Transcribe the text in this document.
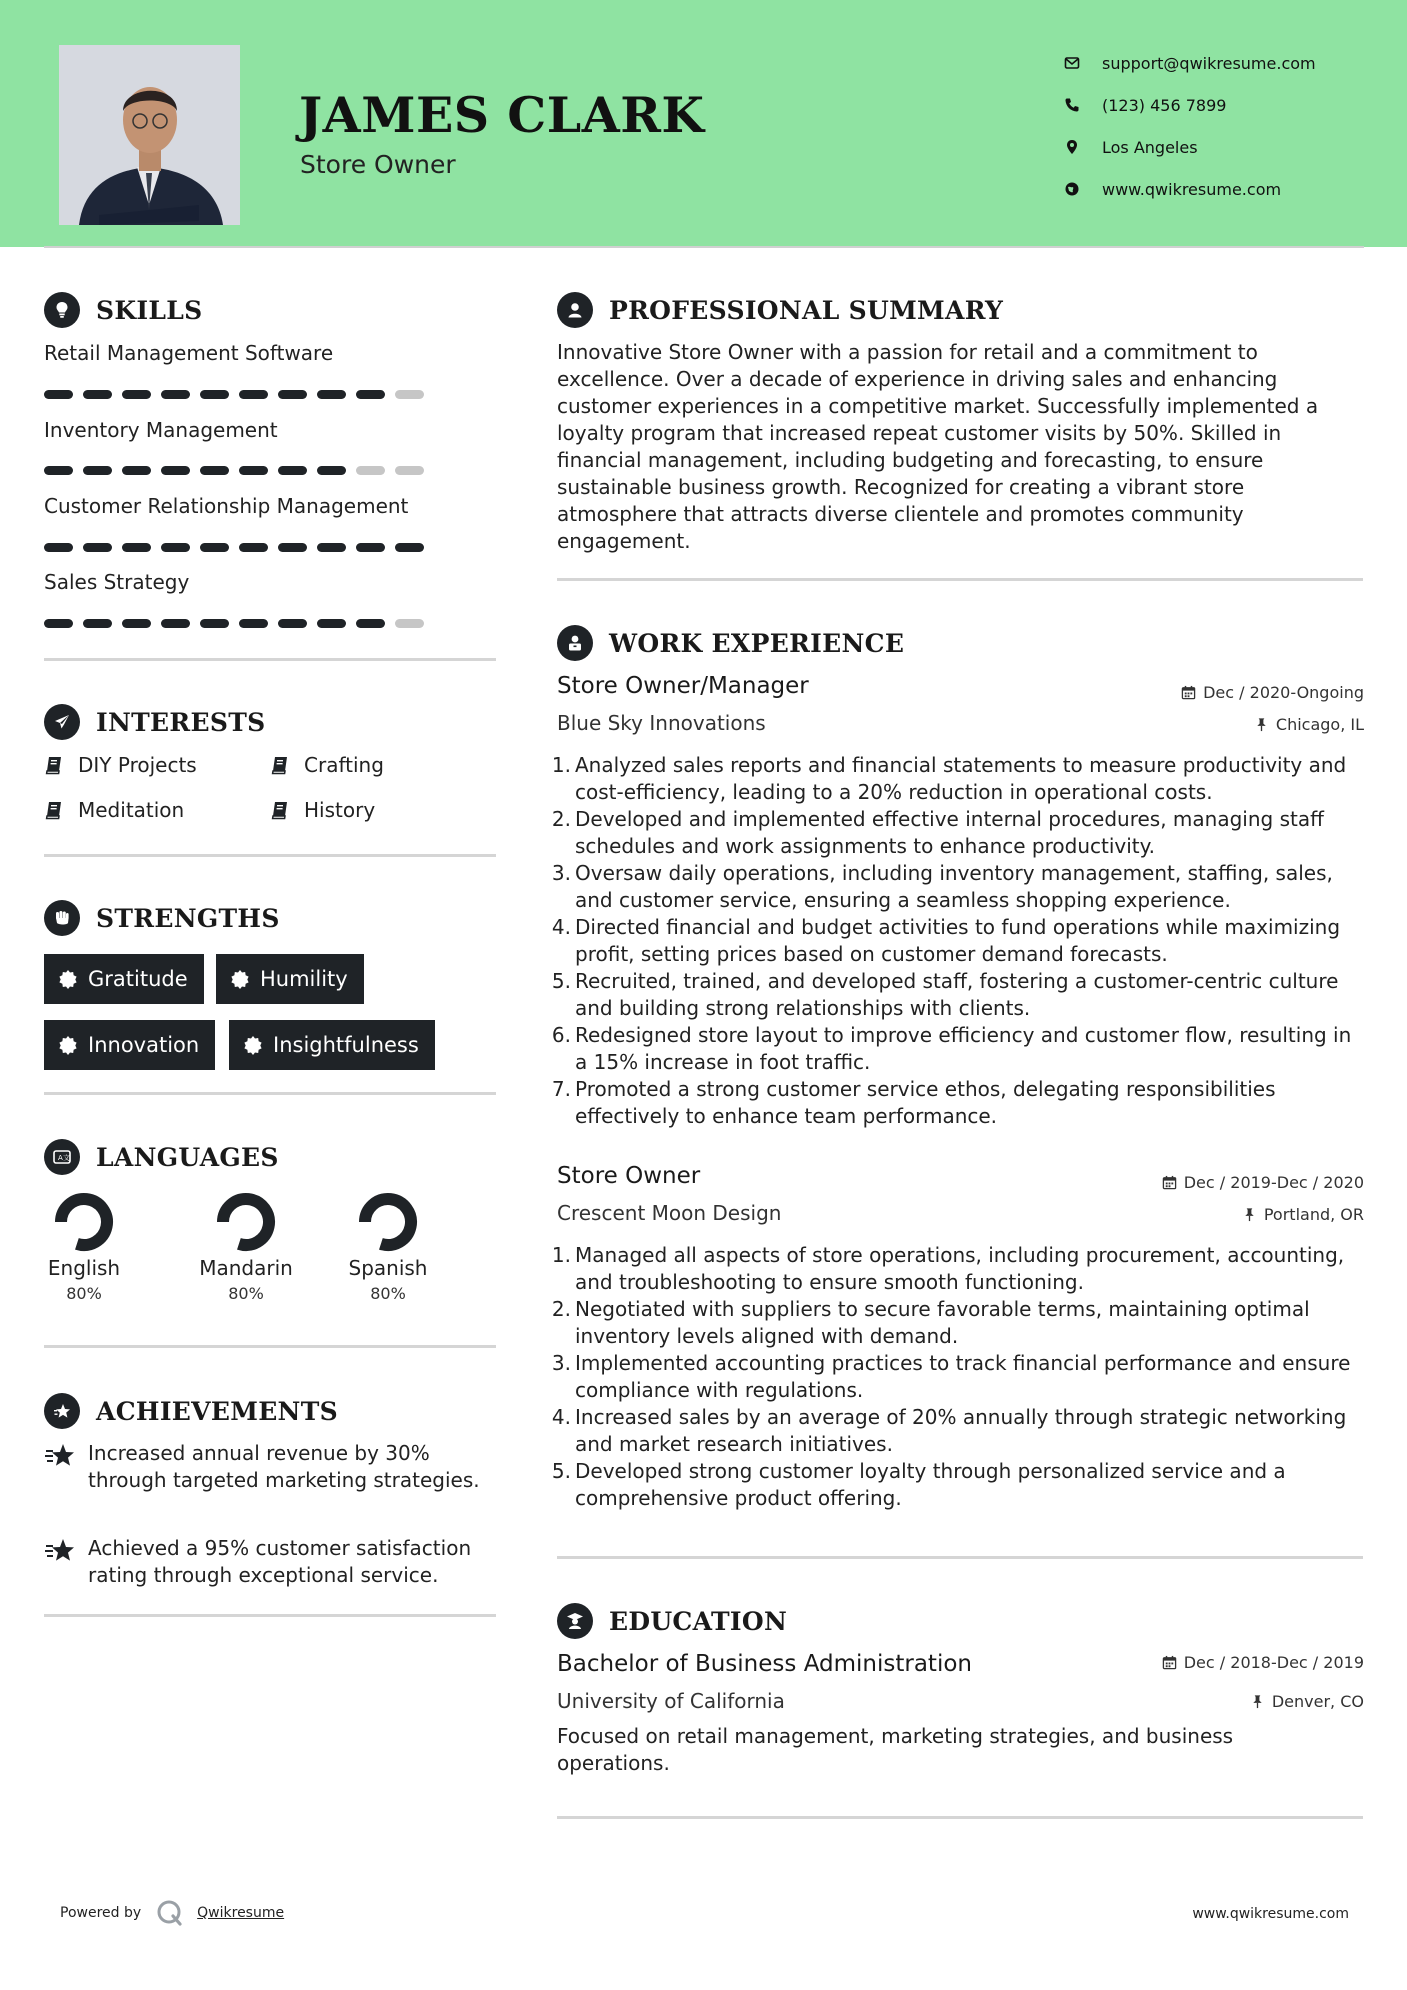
JAMES CLARK
Store Owner
support@qwikresume.com
(123) 456 7899
Los Angeles
www.qwikresume.com
SKILLS
Retail Management Software
Inventory Management
Customer Relationship Management
Sales Strategy
INTERESTS
DIY Projects	Crafting
Meditation	History
STRENGTHS
Gratitude	Humility
Innovation	Insightfulness
A 文 LANGUAGES
English
80%
Mandarin
80%
Spanish
80%
ACHIEVEMENTS
Increased annual revenue by 30% through targeted marketing strategies.
Achieved a 95% customer satisfaction rating through exceptional service.
PROFESSIONAL SUMMARY
Innovative Store Owner with a passion for retail and a commitment to excellence. Over a decade of experience in driving sales and enhancing customer experiences in a competitive market. Successfully implemented a loyalty program that increased repeat customer visits by 50%. Skilled in financial management, including budgeting and forecasting, to ensure sustainable business growth. Recognized for creating a vibrant store atmosphere that attracts diverse clientele and promotes community engagement.
WORK EXPERIENCE
Store Owner/Manager	Dec / 2020-Ongoing
Blue Sky Innovations	Chicago, IL
1. Analyzed sales reports and financial statements to measure productivity and cost-efficiency, leading to a 20% reduction in operational costs.
2. Developed and implemented effective internal procedures, managing staff schedules and work assignments to enhance productivity.
3. Oversaw daily operations, including inventory management, staffing, sales, and customer service, ensuring a seamless shopping experience.
4. Directed financial and budget activities to fund operations while maximizing profit, setting prices based on customer demand forecasts.
5. Recruited, trained, and developed staff, fostering a customer-centric culture and building strong relationships with clients.
6. Redesigned store layout to improve efficiency and customer flow, resulting in a 15% increase in foot traffic.
7. Promoted a strong customer service ethos, delegating responsibilities effectively to enhance team performance.
Store Owner	Dec / 2019-Dec / 2020
Crescent Moon Design	Portland, OR
1. Managed all aspects of store operations, including procurement, accounting, and troubleshooting to ensure smooth functioning.
2. Negotiated with suppliers to secure favorable terms, maintaining optimal inventory levels aligned with demand.
3. Implemented accounting practices to track financial performance and ensure compliance with regulations.
4. Increased sales by an average of 20% annually through strategic networking and market research initiatives.
5. Developed strong customer loyalty through personalized service and a comprehensive product offering.
EDUCATION
Bachelor of Business Administration	Dec / 2018-Dec / 2019
University of California	Denver, CO
Focused on retail management, marketing strategies, and business operations.
Powered by	Qwikresume	www.qwikresume.com
